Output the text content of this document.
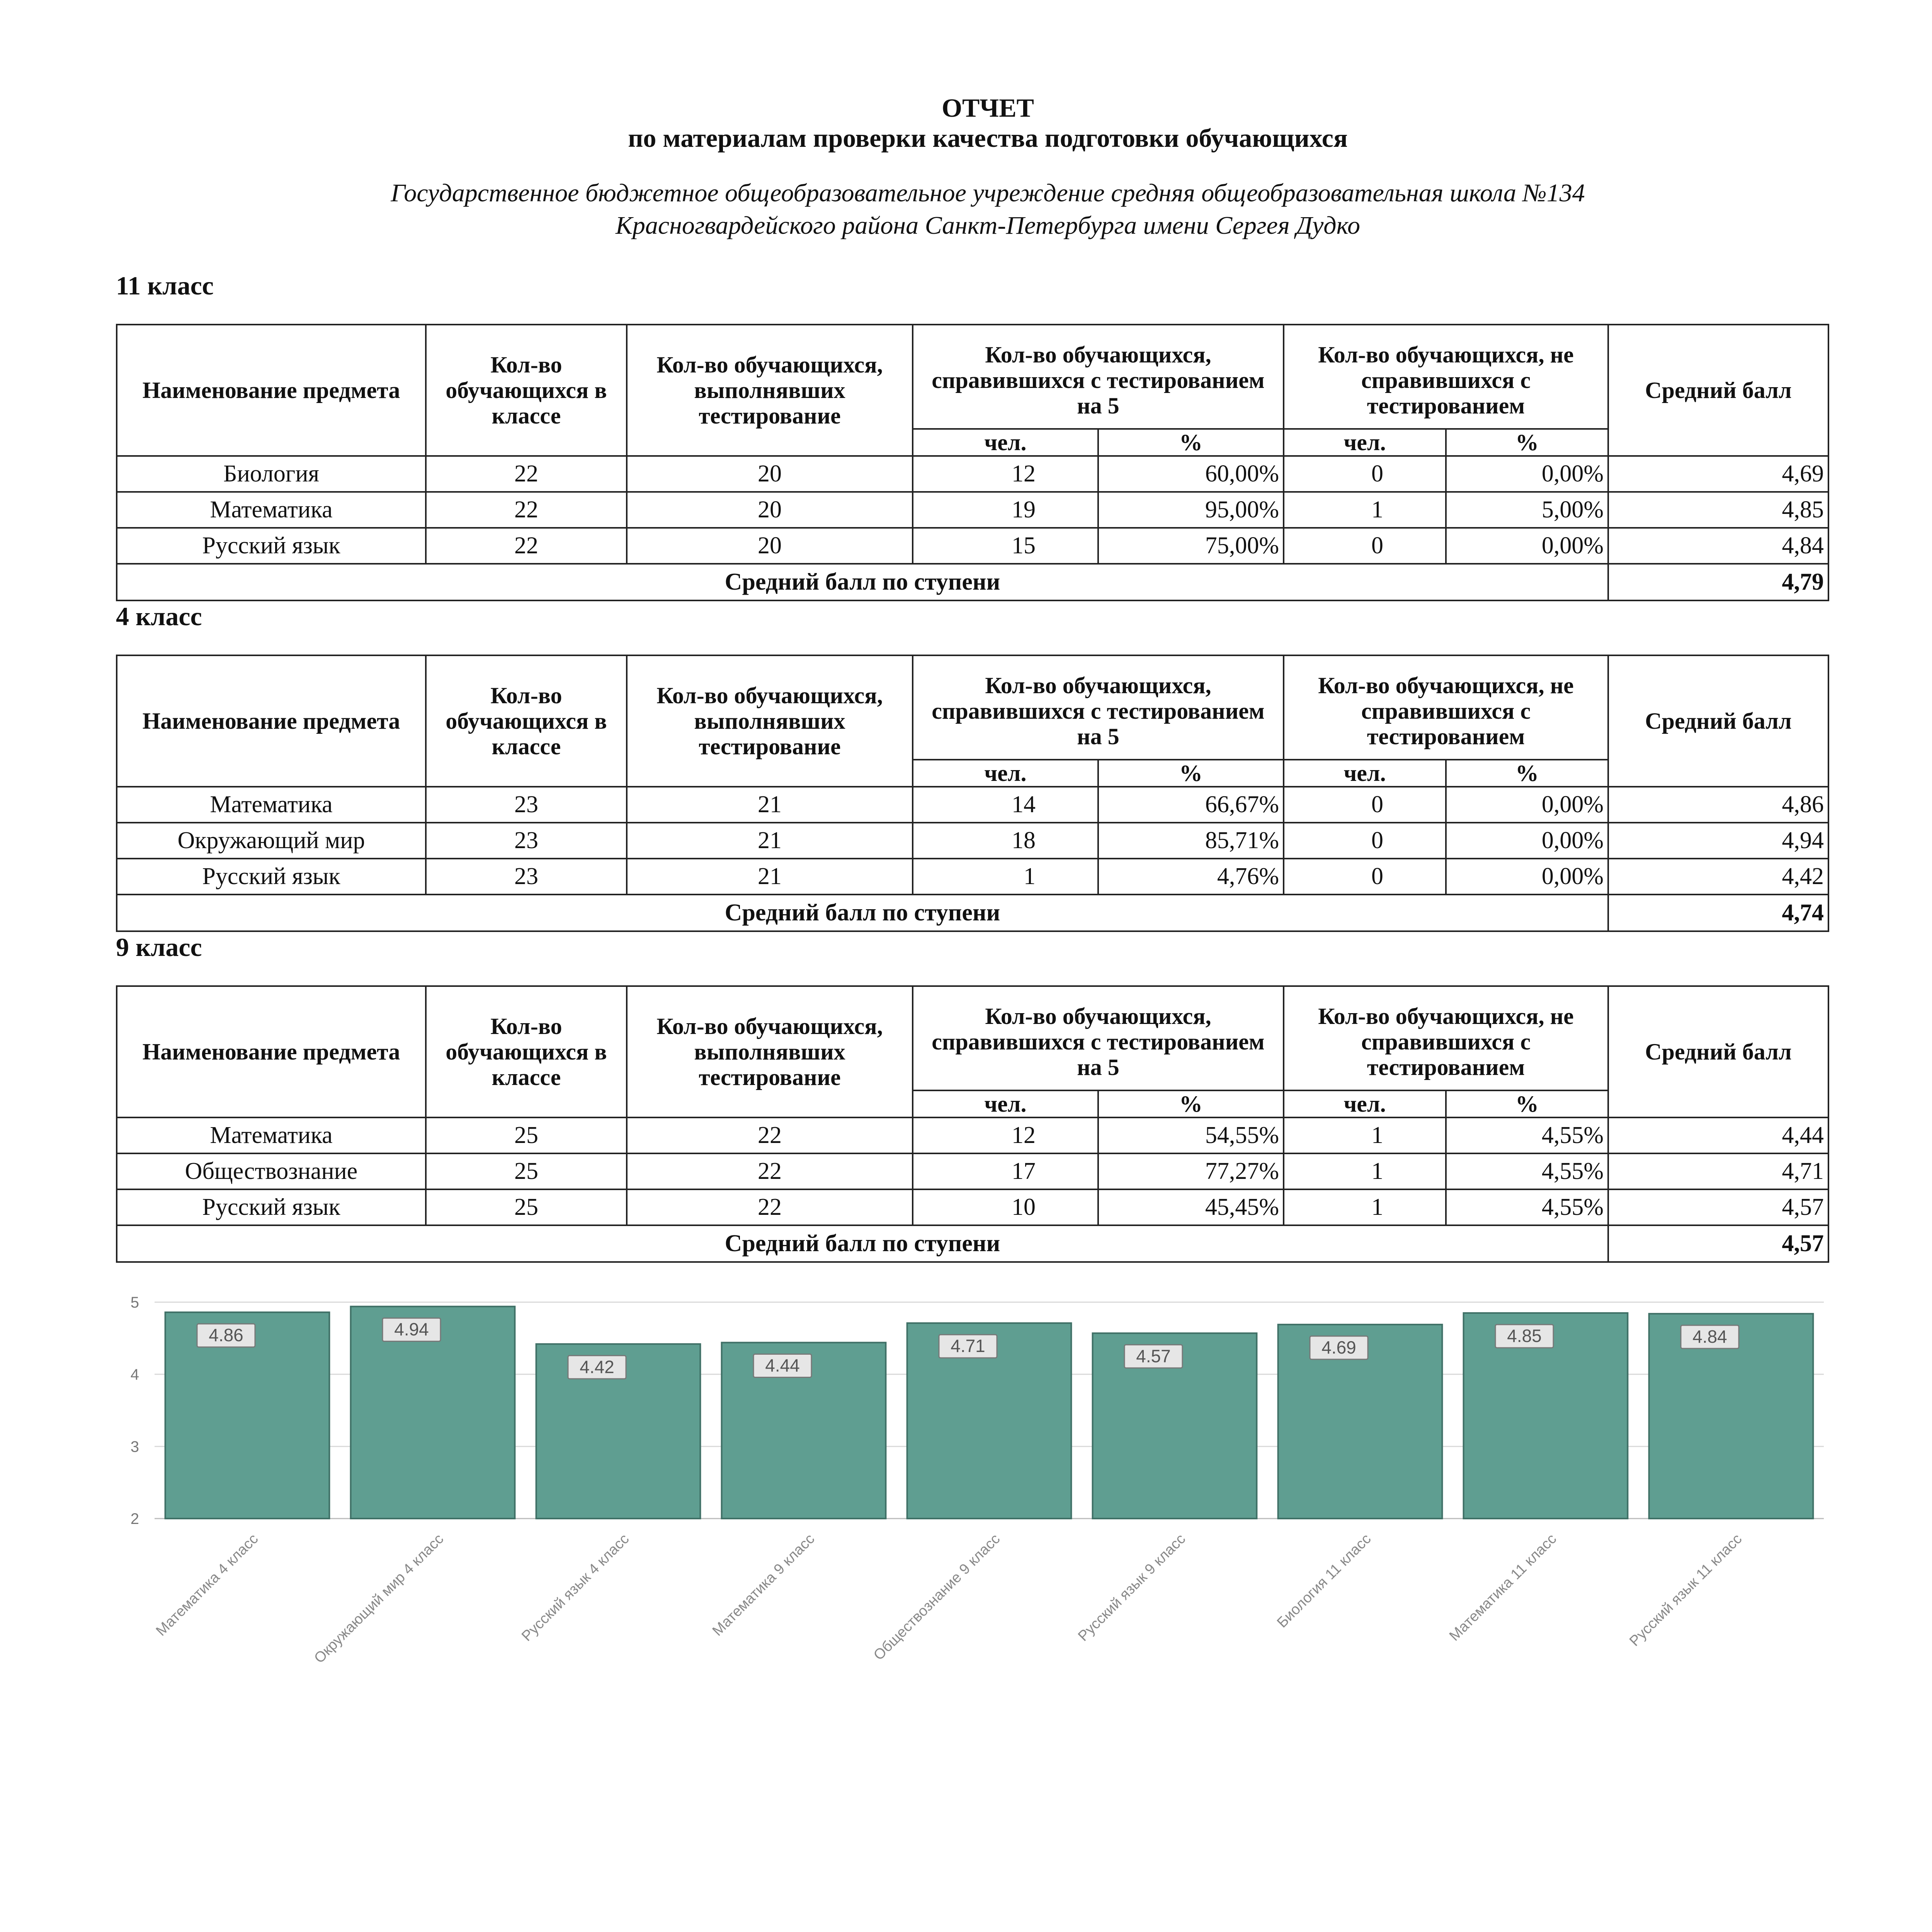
ОТЧЕТ
по материалам проверки качества подготовки обучающихся
Государственное бюджетное общеобразовательное учреждение средняя общеобразовательная школа №134
Красногвардейского района Санкт-Петербурга имени Сергея Дудко
11 класс
Наименование предмета	Кол-во обучающихся в классе	Кол-во обучающихся, выполнявших тестирование	Кол-во обучающихся, справившихся с тестированием на 5		Кол-во обучающихся, не справившихся с тестированием		Средний балл
			чел.	%	чел.	%	
Биология	22	20	12	60,00%	0	0,00%	4,69
Математика	22	20	19	95,00%	1	5,00%	4,85
Русский язык	22	20	15	75,00%	0	0,00%	4,84
Средний балл по ступени							4,79
4 класс
Наименование предмета	Кол-во обучающихся в классе	Кол-во обучающихся, выполнявших тестирование	Кол-во обучающихся, справившихся с тестированием на 5		Кол-во обучающихся, не справившихся с тестированием		Средний балл
			чел.	%	чел.	%	
Математика	23	21	14	66,67%	0	0,00%	4,86
Окружающий мир	23	21	18	85,71%	0	0,00%	4,94
Русский язык	23	21	1	4,76%	0	0,00%	4,42
Средний балл по ступени							4,74
9 класс
Наименование предмета	Кол-во обучающихся в классе	Кол-во обучающихся, выполнявших тестирование	Кол-во обучающихся, справившихся с тестированием на 5		Кол-во обучающихся, не справившихся с тестированием		Средний балл
			чел.	%	чел.	%	
Математика	25	22	12	54,55%	1	4,55%	4,44
Обществознание	25	22	17	77,27%	1	4,55%	4,71
Русский язык	25	22	10	45,45%	1	4,55%	4,57
Средний балл по ступени							4,57
2
3
4
5
4.86
Математика 4 класс
4.94
Окружающий мир 4 класс
4.42
Русский язык 4 класс
4.44
Математика 9 класс
4.71
Обществознание 9 класс
4.57
Русский язык 9 класс
4.69
Биология 11 класс
4.85
Математика 11 класс
4.84
Русский язык 11 класс
